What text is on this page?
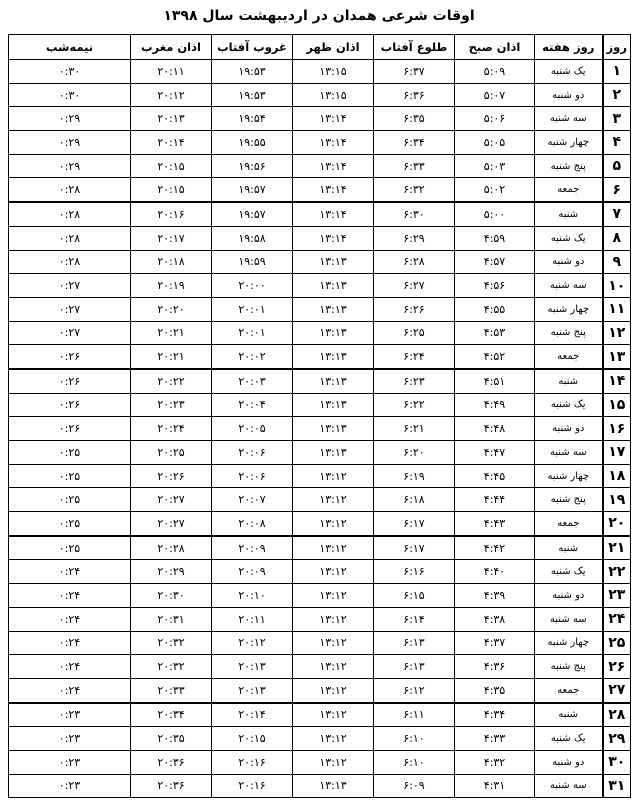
اوقات شرعی همدان در اردیبهشت سال ۱۳۹۸
روز	روز هفته	اذان صبح	طلوع آفتاب	اذان ظهر	غروب آفتاب	اذان مغرب	نیمه‌شب
۱	یک شنبه	۵:۰۹	۶:۳۷	۱۳:۱۵	۱۹:۵۳	۲۰:۱۱	۰:۳۰
۲	دو شنبه	۵:۰۷	۶:۳۶	۱۳:۱۵	۱۹:۵۳	۲۰:۱۲	۰:۳۰
۳	سه شنبه	۵:۰۶	۶:۳۵	۱۳:۱۴	۱۹:۵۴	۲۰:۱۳	۰:۲۹
۴	چهار شنبه	۵:۰۵	۶:۳۴	۱۳:۱۴	۱۹:۵۵	۲۰:۱۴	۰:۲۹
۵	پنج شنبه	۵:۰۳	۶:۳۳	۱۳:۱۴	۱۹:۵۶	۲۰:۱۵	۰:۲۹
۶	جمعه	۵:۰۲	۶:۳۲	۱۳:۱۴	۱۹:۵۷	۲۰:۱۵	۰:۲۸
۷	شنبه	۵:۰۰	۶:۳۰	۱۳:۱۴	۱۹:۵۷	۲۰:۱۶	۰:۲۸
۸	یک شنبه	۴:۵۹	۶:۲۹	۱۳:۱۴	۱۹:۵۸	۲۰:۱۷	۰:۲۸
۹	دو شنبه	۴:۵۷	۶:۲۸	۱۳:۱۳	۱۹:۵۹	۲۰:۱۸	۰:۲۸
۱۰	سه شنبه	۴:۵۶	۶:۲۷	۱۳:۱۳	۲۰:۰۰	۲۰:۱۹	۰:۲۷
۱۱	چهار شنبه	۴:۵۵	۶:۲۶	۱۳:۱۳	۲۰:۰۱	۲۰:۲۰	۰:۲۷
۱۲	پنج شنبه	۴:۵۳	۶:۲۵	۱۳:۱۳	۲۰:۰۱	۲۰:۲۱	۰:۲۷
۱۳	جمعه	۴:۵۲	۶:۲۴	۱۳:۱۳	۲۰:۰۲	۲۰:۲۱	۰:۲۶
۱۴	شنبه	۴:۵۱	۶:۲۳	۱۳:۱۳	۲۰:۰۳	۲۰:۲۲	۰:۲۶
۱۵	یک شنبه	۴:۴۹	۶:۲۲	۱۳:۱۳	۲۰:۰۴	۲۰:۲۳	۰:۲۶
۱۶	دو شنبه	۴:۴۸	۶:۲۱	۱۳:۱۳	۲۰:۰۵	۲۰:۲۴	۰:۲۶
۱۷	سه شنبه	۴:۴۷	۶:۲۰	۱۳:۱۳	۲۰:۰۶	۲۰:۲۵	۰:۲۵
۱۸	چهار شنبه	۴:۴۵	۶:۱۹	۱۳:۱۲	۲۰:۰۶	۲۰:۲۶	۰:۲۵
۱۹	پنج شنبه	۴:۴۴	۶:۱۸	۱۳:۱۲	۲۰:۰۷	۲۰:۲۷	۰:۲۵
۲۰	جمعه	۴:۴۳	۶:۱۷	۱۳:۱۲	۲۰:۰۸	۲۰:۲۷	۰:۲۵
۲۱	شنبه	۴:۴۲	۶:۱۷	۱۳:۱۲	۲۰:۰۹	۲۰:۲۸	۰:۲۵
۲۲	یک شنبه	۴:۴۰	۶:۱۶	۱۳:۱۲	۲۰:۰۹	۲۰:۲۹	۰:۲۴
۲۳	دو شنبه	۴:۳۹	۶:۱۵	۱۳:۱۲	۲۰:۱۰	۲۰:۳۰	۰:۲۴
۲۴	سه شنبه	۴:۳۸	۶:۱۴	۱۳:۱۲	۲۰:۱۱	۲۰:۳۱	۰:۲۴
۲۵	چهار شنبه	۴:۳۷	۶:۱۳	۱۳:۱۲	۲۰:۱۲	۲۰:۳۲	۰:۲۴
۲۶	پنج شنبه	۴:۳۶	۶:۱۳	۱۳:۱۲	۲۰:۱۳	۲۰:۳۲	۰:۲۴
۲۷	جمعه	۴:۳۵	۶:۱۲	۱۳:۱۲	۲۰:۱۳	۲۰:۳۳	۰:۲۴
۲۸	شنبه	۴:۳۴	۶:۱۱	۱۳:۱۲	۲۰:۱۴	۲۰:۳۴	۰:۲۳
۲۹	یک شنبه	۴:۳۳	۶:۱۰	۱۳:۱۲	۲۰:۱۵	۲۰:۳۵	۰:۲۳
۳۰	دو شنبه	۴:۳۲	۶:۱۰	۱۳:۱۲	۲۰:۱۶	۲۰:۳۶	۰:۲۳
۳۱	سه شنبه	۴:۳۱	۶:۰۹	۱۳:۱۳	۲۰:۱۶	۲۰:۳۶	۰:۲۳
